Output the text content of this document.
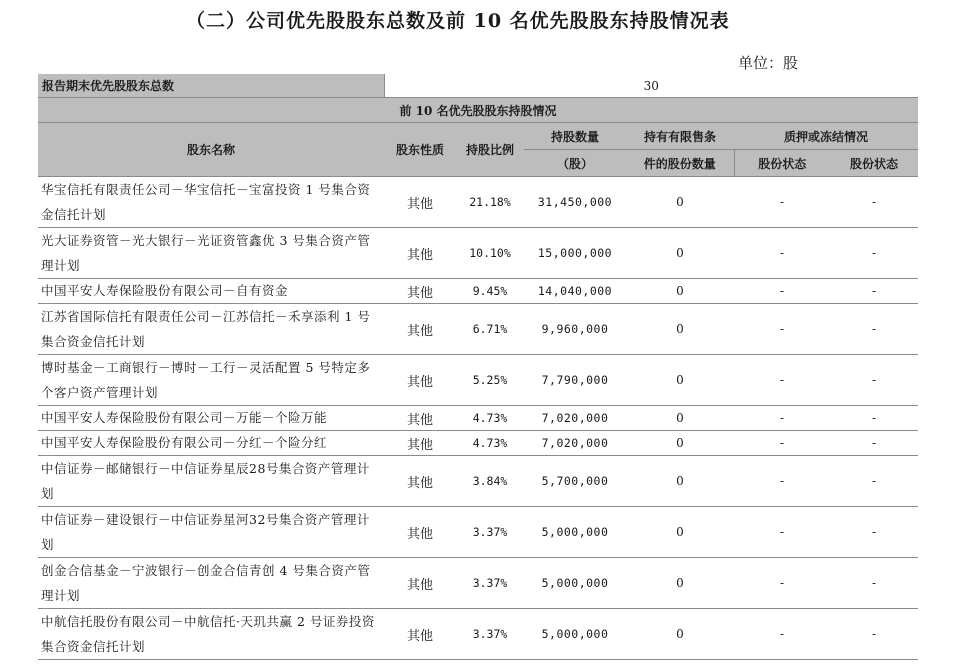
（二）公司优先股股东总数及前 10 名优先股股东持股情况表
单位：股
报告期末优先股股东总数	30					
前 10 名优先股股东持股情况						
股东名称	股东性质	持股比例	持股数量	持有有限售条	质押或冻结情况	
			（股）	件的股份数量	股份状态	股份状态
华宝信托有限责任公司－华宝信托－宝富投资 1 号集合资金信托计划	其他	21.18%	31,450,000	0	-	-
光大证券资管－光大银行－光证资管鑫优 3 号集合资产管理计划	其他	10.10%	15,000,000	0	-	-
中国平安人寿保险股份有限公司－自有资金	其他	9.45%	14,040,000	0	-	-
江苏省国际信托有限责任公司－江苏信托－禾享添利 1 号集合资金信托计划	其他	6.71%	9,960,000	0	-	-
博时基金－工商银行－博时－工行－灵活配置 5 号特定多个客户资产管理计划	其他	5.25%	7,790,000	0	-	-
中国平安人寿保险股份有限公司－万能－个险万能	其他	4.73%	7,020,000	0	-	-
中国平安人寿保险股份有限公司－分红－个险分红	其他	4.73%	7,020,000	0	-	-
中信证券－邮储银行－中信证券星辰28号集合资产管理计划	其他	3.84%	5,700,000	0	-	-
中信证券－建设银行－中信证券星河32号集合资产管理计划	其他	3.37%	5,000,000	0	-	-
创金合信基金－宁波银行－创金合信青创 4 号集合资产管理计划	其他	3.37%	5,000,000	0	-	-
中航信托股份有限公司－中航信托·天玑共赢 2 号证券投资集合资金信托计划	其他	3.37%	5,000,000	0	-	-
